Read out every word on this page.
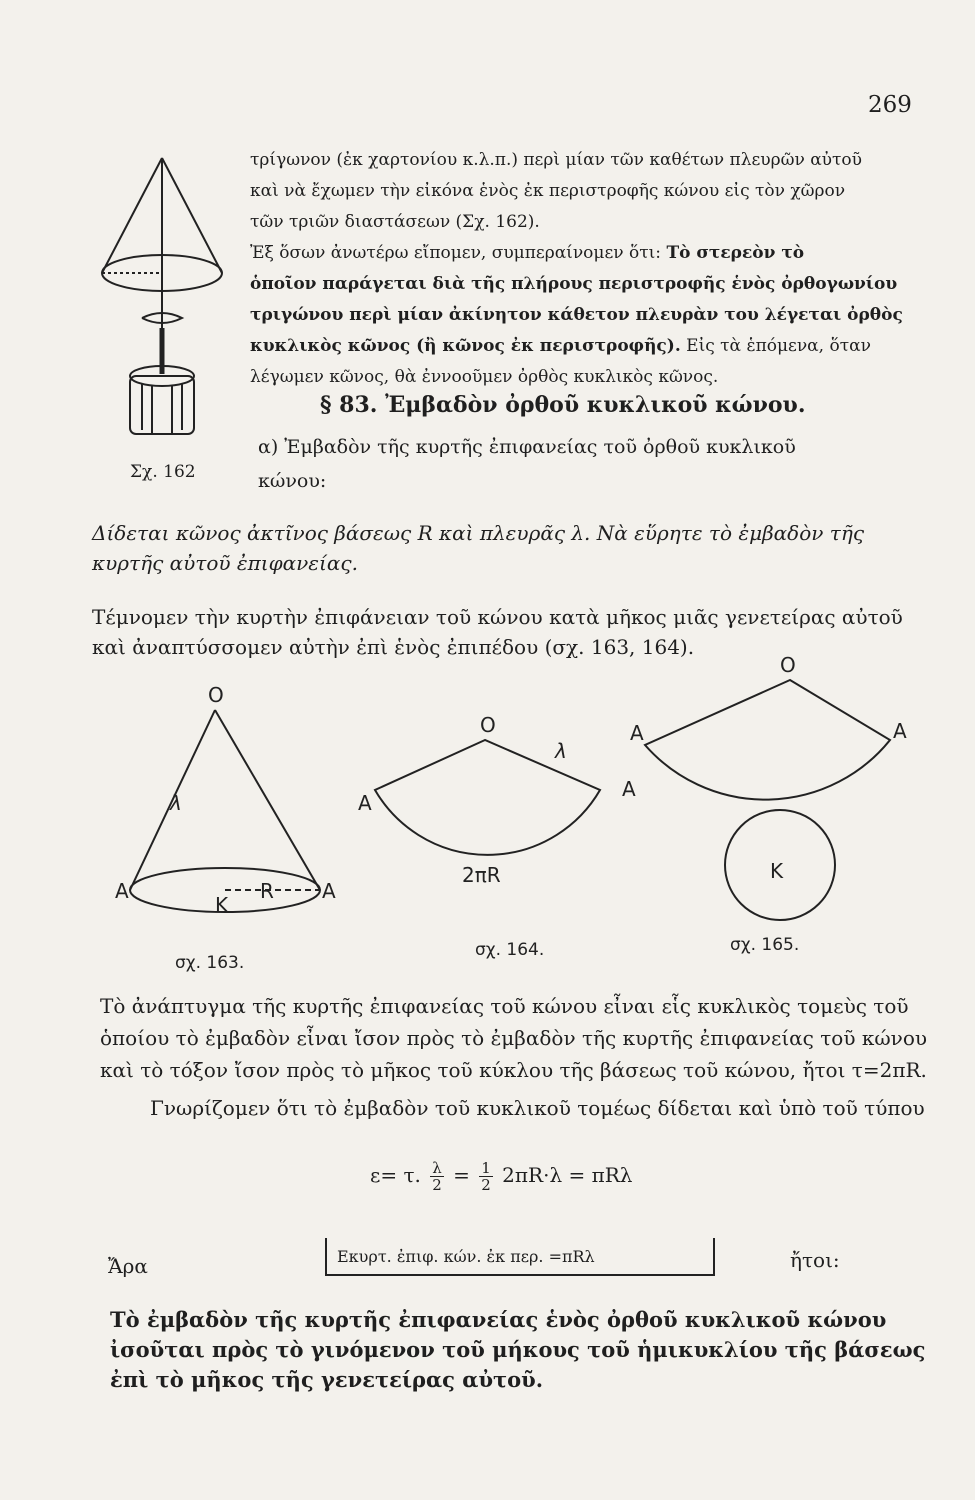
269
Σχ. 162

τρίγωνον (ἐκ χαρτονίου κ.λ.π.) περὶ μίαν τῶν καθέτων πλευρῶν αὐτοῦ

καὶ νὰ ἔχωμεν τὴν εἰκόνα ἑνὸς ἐκ περιστροφῆς κώνου εἰς τὸν χῶρον

τῶν τριῶν διαστάσεων (Σχ. 162).

Ἐξ ὅσων ἀνωτέρω εἴπομεν, συμπεραίνομεν ὅτι: Τὸ στερεὸν τὸ

ὁποῖον παράγεται διὰ τῆς πλήρους περιστροφῆς ἑνὸς ὀρθογωνίου

τριγώνου περὶ μίαν ἀκίνητον κάθετον πλευρὰν του λέγεται ὀρθὸς

κυκλικὸς κῶνος (ἢ κῶνος ἐκ περιστροφῆς). Εἰς τὰ ἑπόμενα, ὅταν

λέγωμεν κῶνος, θὰ ἐννοοῦμεν ὀρθὸς κυκλικὸς κῶνος.

§ 83. Ἐμβαδὸν ὀρθοῦ κυκλικοῦ κώνου.
α) Ἐμβαδὸν τῆς κυρτῆς ἐπιφανείας τοῦ ὀρθοῦ κυκλικοῦ
κώνου:
Δίδεται κῶνος ἀκτῖνος βάσεως R καὶ πλευρᾶς λ. Νὰ εὕρητε τὸ ἐμβαδὸν τῆς κυρτῆς αὐτοῦ ἐπιφανείας.
Τέμνομεν τὴν κυρτὴν ἐπιφάνειαν τοῦ κώνου κατὰ μῆκος μιᾶς γενετείρας αὐτοῦ καὶ ἀναπτύσσομεν αὐτὴν ἐπὶ ἑνὸς ἐπιπέδου (σχ. 163, 164).
O
λ
A	A
K
R
O
λ
A
A
2πR
O
A	A
K
σχ. 163.
σχ. 164.	σχ. 165.
Τὸ ἀνάπτυγμα τῆς κυρτῆς ἐπιφανείας τοῦ κώνου εἶναι εἷς κυκλικὸς τομεὺς τοῦ ὁποίου τὸ ἐμβαδὸν εἶναι ἴσον πρὸς τὸ ἐμβαδὸν τῆς κυρτῆς ἐπιφανείας τοῦ κώνου καὶ τὸ τόξον ἴσον πρὸς τὸ μῆκος τοῦ κύκλου τῆς βάσεως τοῦ κώνου, ἤτοι τ=2πR.
Γνωρίζομεν ὅτι τὸ ἐμβαδὸν τοῦ κυκλικοῦ τομέως δίδεται καὶ ὑπὸ τοῦ τύπου
ε= τ. $\frac{\lambda}{2} = \frac{1}{2} 2\pi R\cdot\lambda = \pi R\lambda$
Ἄρα	Εκυρτ. ἐπιφ. κών. ἐκ περ. =πRλ	ἤτοι:
Τὸ ἐμβαδὸν τῆς κυρτῆς ἐπιφανείας ἑνὸς ὀρθοῦ κυκλικοῦ κώνου ἰσοῦται πρὸς τὸ γινόμενον τοῦ μήκους τοῦ ἡμικυκλίου τῆς βάσεως ἐπὶ τὸ μῆκος τῆς γενετείρας αὐτοῦ.
